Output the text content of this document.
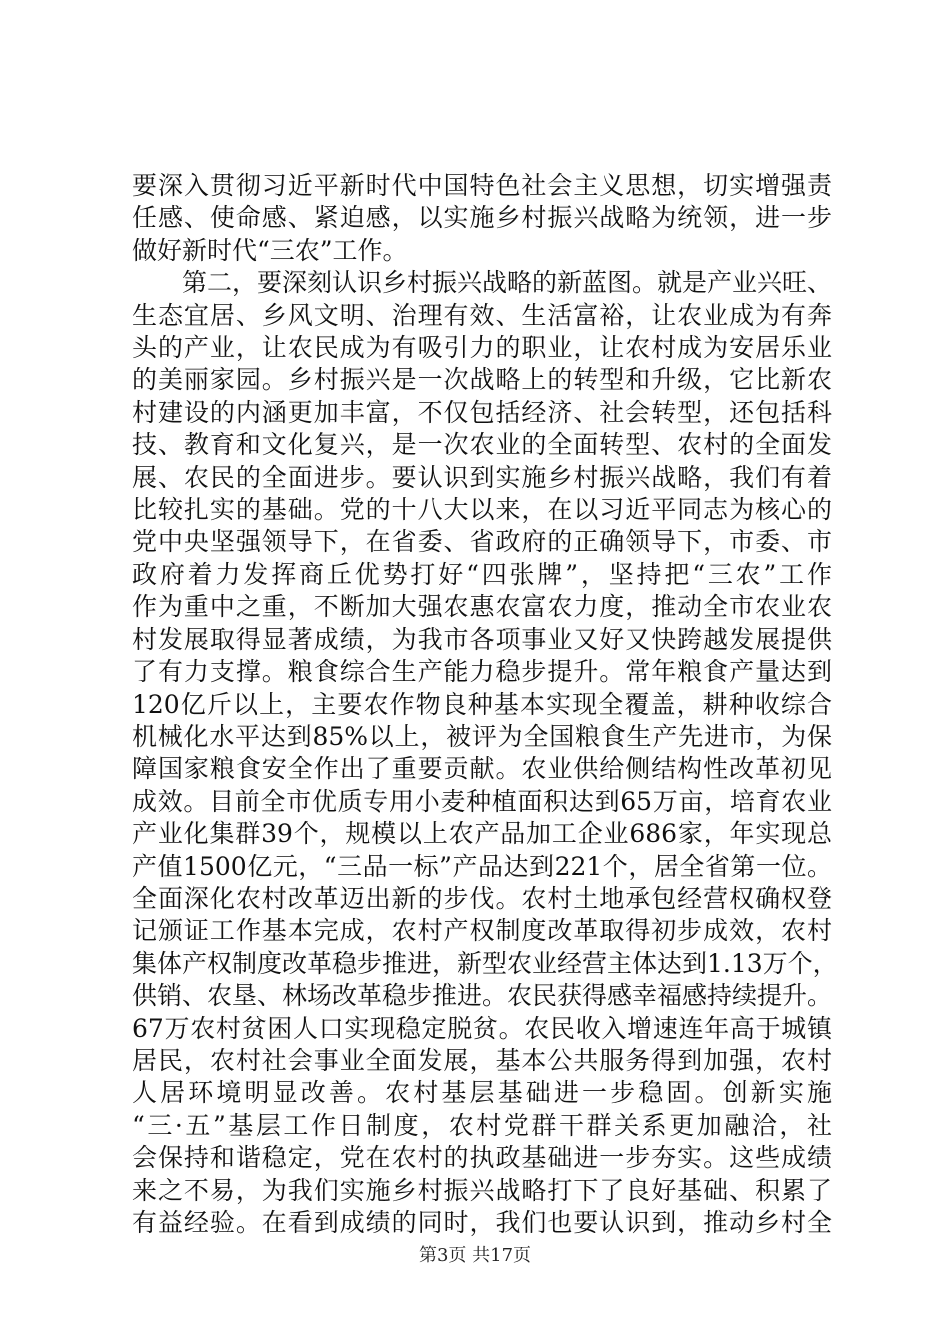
要深入贯彻习近平新时代中国特色社会主义思想，切实增强责
任感、使命感、紧迫感，以实施乡村振兴战略为统领，进一步
做好新时代“三农”工作。
第二，要深刻认识乡村振兴战略的新蓝图。就是产业兴旺、
生态宜居、乡风文明、治理有效、生活富裕，让农业成为有奔
头的产业，让农民成为有吸引力的职业，让农村成为安居乐业
的美丽家园。乡村振兴是一次战略上的转型和升级，它比新农
村建设的内涵更加丰富，不仅包括经济、社会转型，还包括科
技、教育和文化复兴，是一次农业的全面转型、农村的全面发
展、农民的全面进步。要认识到实施乡村振兴战略，我们有着
比较扎实的基础。党的十八大以来，在以习近平同志为核心的
党中央坚强领导下，在省委、省政府的正确领导下，市委、市
政府着力发挥商丘优势打好“四张牌”，坚持把“三农”工作
作为重中之重，不断加大强农惠农富农力度，推动全市农业农
村发展取得显著成绩，为我市各项事业又好又快跨越发展提供
了有力支撑。粮食综合生产能力稳步提升。常年粮食产量达到
120亿斤以上，主要农作物良种基本实现全覆盖，耕种收综合
机械化水平达到85%以上，被评为全国粮食生产先进市，为保
障国家粮食安全作出了重要贡献。农业供给侧结构性改革初见
成效。目前全市优质专用小麦种植面积达到65万亩，培育农业
产业化集群39个，规模以上农产品加工企业686家，年实现总
产值1500亿元，“三品一标”产品达到221个，居全省第一位。
全面深化农村改革迈出新的步伐。农村土地承包经营权确权登
记颁证工作基本完成，农村产权制度改革取得初步成效，农村
集体产权制度改革稳步推进，新型农业经营主体达到1.13万个，
供销、农垦、林场改革稳步推进。农民获得感幸福感持续提升。
67万农村贫困人口实现稳定脱贫。农民收入增速连年高于城镇
居民，农村社会事业全面发展，基本公共服务得到加强，农村
人居环境明显改善。农村基层基础进一步稳固。创新实施
“三·五”基层工作日制度，农村党群干群关系更加融洽，社
会保持和谐稳定，党在农村的执政基础进一步夯实。这些成绩
来之不易，为我们实施乡村振兴战略打下了良好基础、积累了
有益经验。在看到成绩的同时，我们也要认识到，推动乡村全
第3页 共17页
